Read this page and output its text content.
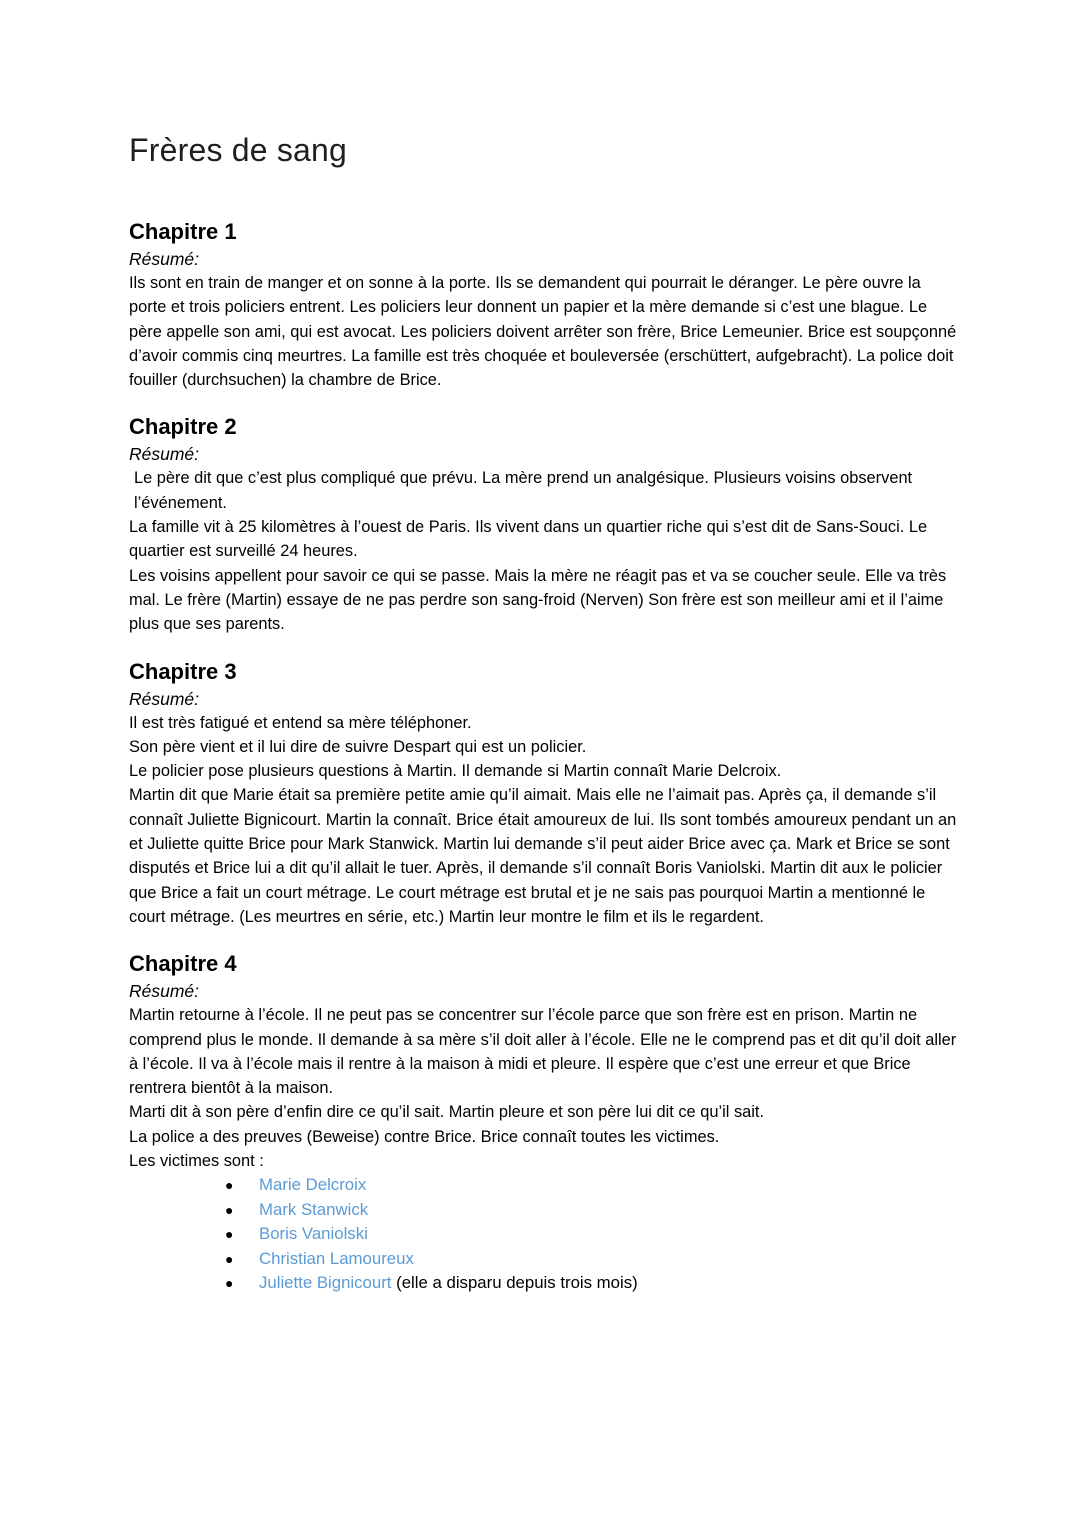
Frères de sang
Chapitre 1
Résumé:

Ils sont en train de manger et on sonne à la porte. Ils se demandent qui pourrait le déranger. Le père ouvre la porte et trois policiers entrent. Les policiers leur donnent un papier et la mère demande si c’est une blague. Le père appelle son ami, qui est avocat. Les policiers doivent arrêter son frère, Brice Lemeunier. Brice est soupçonné d’avoir commis cinq meurtres. La famille est très choquée et bouleversée (erschüttert, aufgebracht). La police doit fouiller (durchsuchen) la chambre de Brice.

Chapitre 2
Résumé:

Le père dit que c’est plus compliqué que prévu. La mère prend un analgésique. Plusieurs voisins observent l’événement.

La famille vit à 25 kilomètres à l’ouest de Paris. Ils vivent dans un quartier riche qui s’est dit de Sans-Souci. Le quartier est surveillé 24 heures.

Les voisins appellent pour savoir ce qui se passe. Mais la mère ne réagit pas et va se coucher seule. Elle va très mal. Le frère (Martin) essaye de ne pas perdre son sang-froid (Nerven) Son frère est son meilleur ami et il l’aime plus que ses parents.

Chapitre 3
Résumé:

Il est très fatigué et entend sa mère téléphoner.

Son père vient et il lui dire de suivre Despart qui est un policier.

Le policier pose plusieurs questions à Martin. Il demande si Martin connaît Marie Delcroix.

Martin dit que Marie était sa première petite amie qu’il aimait. Mais elle ne l’aimait pas. Après ça, il demande s’il connaît Juliette Bignicourt. Martin la connaît. Brice était amoureux de lui. Ils sont tombés amoureux pendant un an et Juliette quitte Brice pour Mark Stanwick. Martin lui demande s’il peut aider Brice avec ça. Mark et Brice se sont disputés et Brice lui a dit qu’il allait le tuer. Après, il demande s’il connaît Boris Vaniolski. Martin dit aux le policier que Brice a fait un court métrage. Le court métrage est brutal et je ne sais pas pourquoi Martin a mentionné le court métrage. (Les meurtres en série, etc.) Martin leur montre le film et ils le regardent.

Chapitre 4
Résumé:

Martin retourne à l’école. Il ne peut pas se concentrer sur l’école parce que son frère est en prison. Martin ne comprend plus le monde. Il demande à sa mère s’il doit aller à l’école. Elle ne le comprend pas et dit qu’il doit aller à l’école. Il va à l’école mais il rentre à la maison à midi et pleure. Il espère que c’est une erreur et que Brice rentrera bientôt à la maison.

Marti dit à son père d’enfin dire ce qu’il sait. Martin pleure et son père lui dit ce qu’il sait.

La police a des preuves (Beweise) contre Brice. Brice connaît toutes les victimes.

Les victimes sont :

● Marie Delcroix
● Mark Stanwick
● Boris Vaniolski
● Christian Lamoureux
● Juliette Bignicourt (elle a disparu depuis trois mois)
